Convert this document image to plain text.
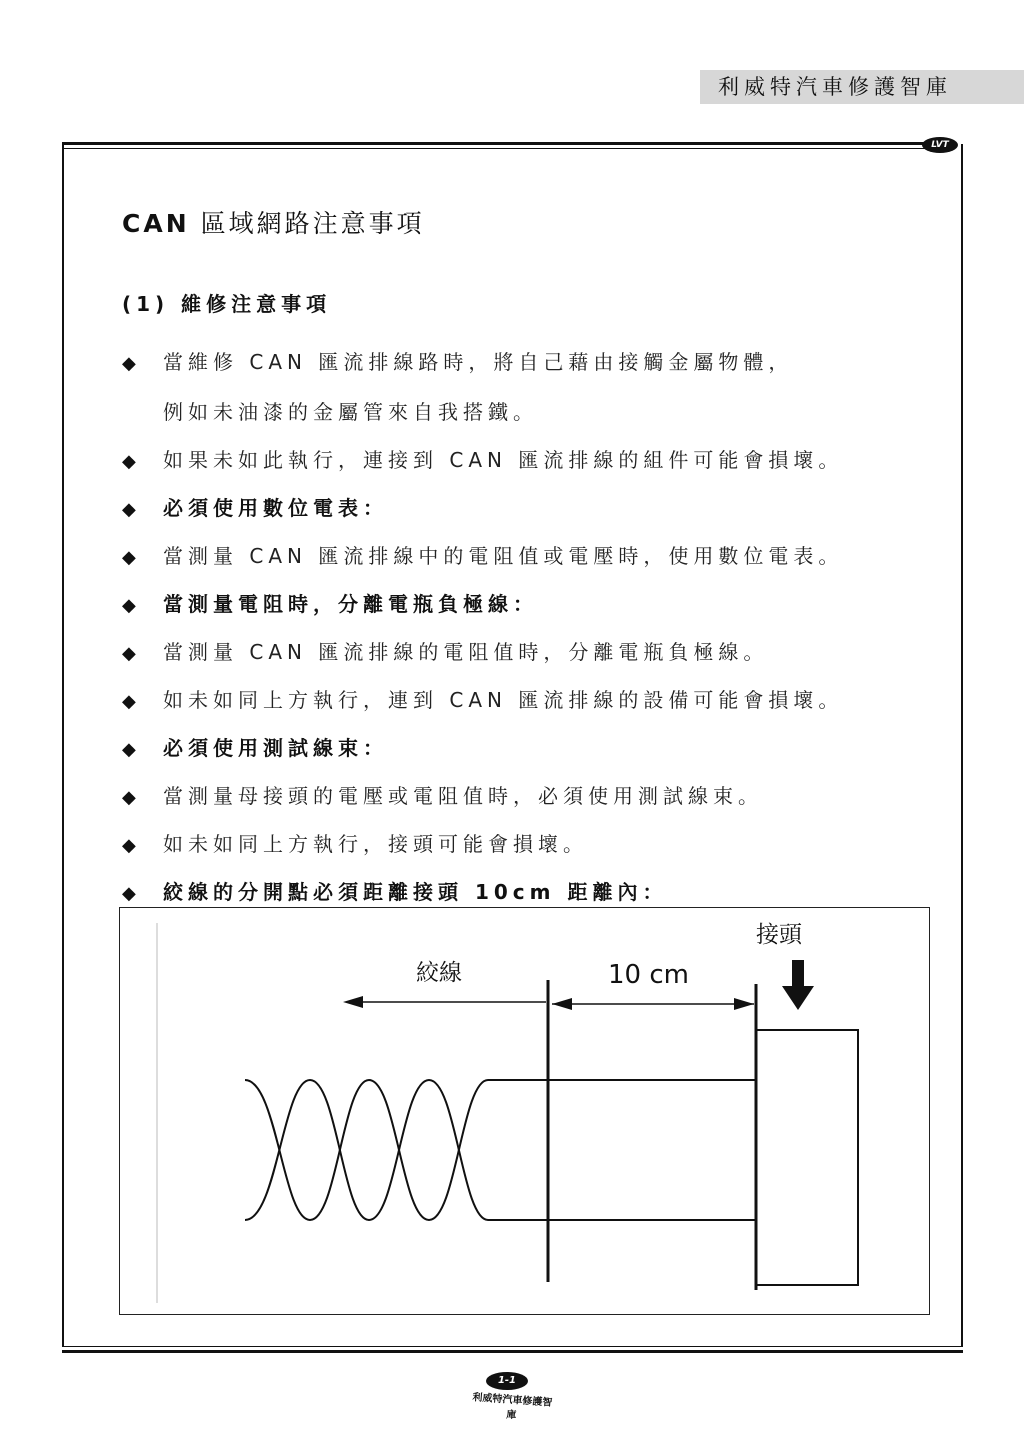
利威特汽車修護智庫
LVT
CAN 區域網路注意事項
(1) 維修注意事項
◆ 當維修 CAN 匯流排線路時，將自己藉由接觸金屬物體，
例如未油漆的金屬管來自我搭鐵。
◆ 如果未如此執行，連接到 CAN 匯流排線的組件可能會損壞。
◆ 必須使用數位電表：
◆ 當測量 CAN 匯流排線中的電阻值或電壓時，使用數位電表。
◆ 當測量電阻時，分離電瓶負極線：
◆ 當測量 CAN 匯流排線的電阻值時，分離電瓶負極線。
◆ 如未如同上方執行，連到 CAN 匯流排線的設備可能會損壞。
◆ 必須使用測試線束：
◆ 當測量母接頭的電壓或電阻值時，必須使用測試線束。
◆ 如未如同上方執行，接頭可能會損壞。
◆ 絞線的分開點必須距離接頭 10cm 距離內：
絞線	10 cm
接頭
1-1
利威特汽車修護智庫
